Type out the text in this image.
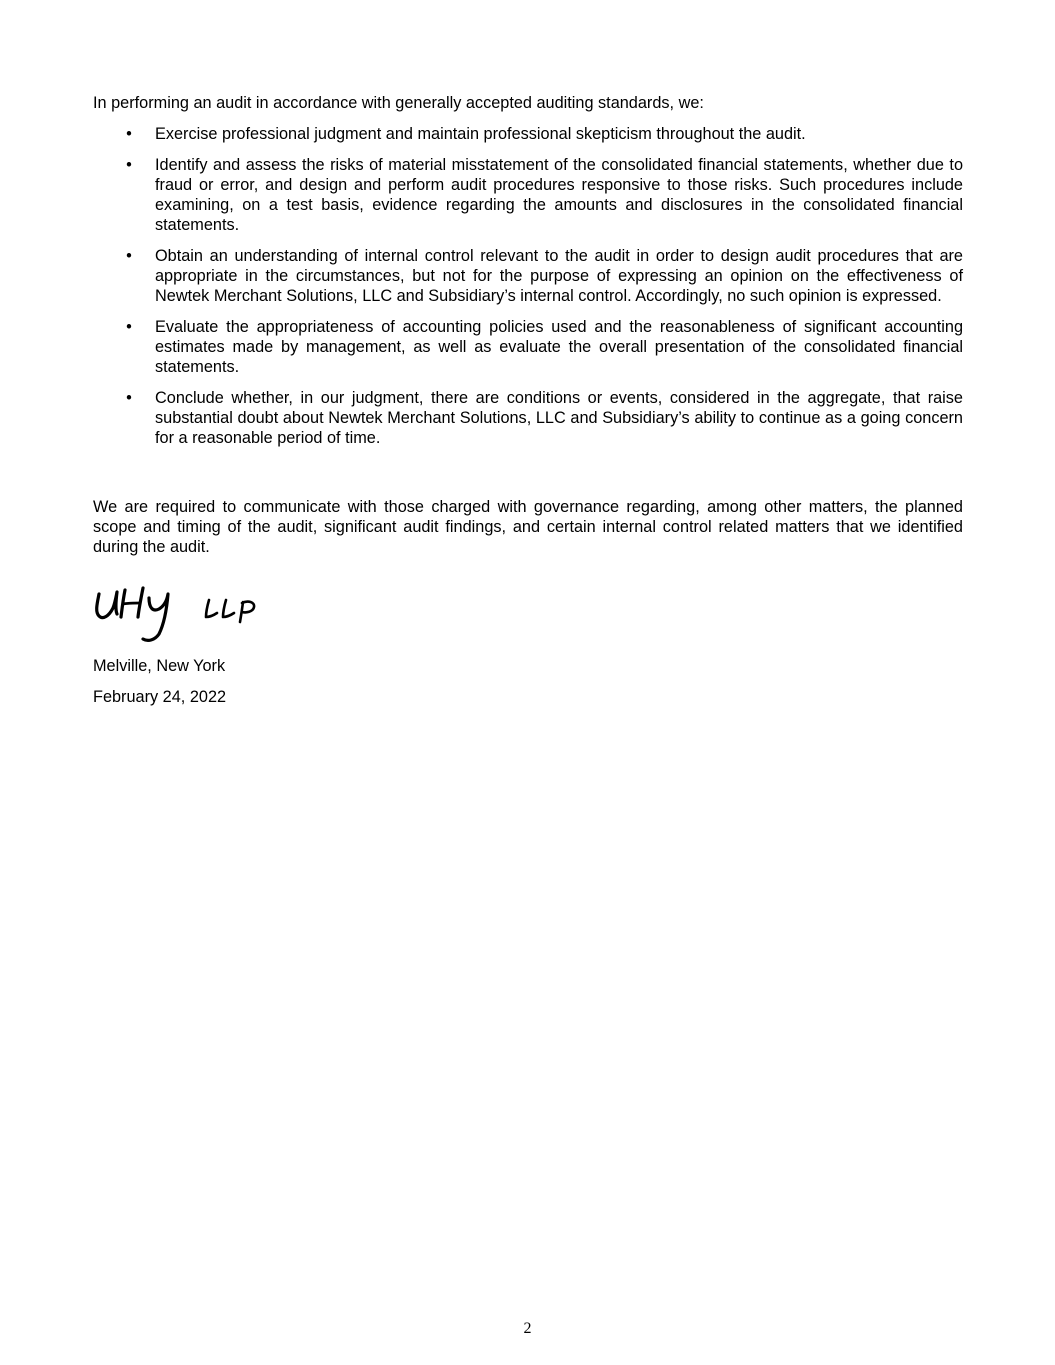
In performing an audit in accordance with generally accepted auditing standards, we:

• Exercise professional judgment and maintain professional skepticism throughout the audit.
• Identify and assess the risks of material misstatement of the consolidated financial statements, whether due to fraud or error, and design and perform audit procedures responsive to those risks. Such procedures include examining, on a test basis, evidence regarding the amounts and disclosures in the consolidated financial statements.
• Obtain an understanding of internal control relevant to the audit in order to design audit procedures that are appropriate in the circumstances, but not for the purpose of expressing an opinion on the effectiveness of Newtek Merchant Solutions, LLC and Subsidiary’s internal control. Accordingly, no such opinion is expressed.
• Evaluate the appropriateness of accounting policies used and the reasonableness of significant accounting estimates made by management, as well as evaluate the overall presentation of the consolidated financial statements.
• Conclude whether, in our judgment, there are conditions or events, considered in the aggregate, that raise substantial doubt about Newtek Merchant Solutions, LLC and Subsidiary’s ability to continue as a going concern for a reasonable period of time.

We are required to communicate with those charged with governance regarding, among other matters, the planned scope and timing of the audit, significant audit findings, and certain internal control related matters that we identified during the audit.

Melville, New York

February 24, 2022

2
